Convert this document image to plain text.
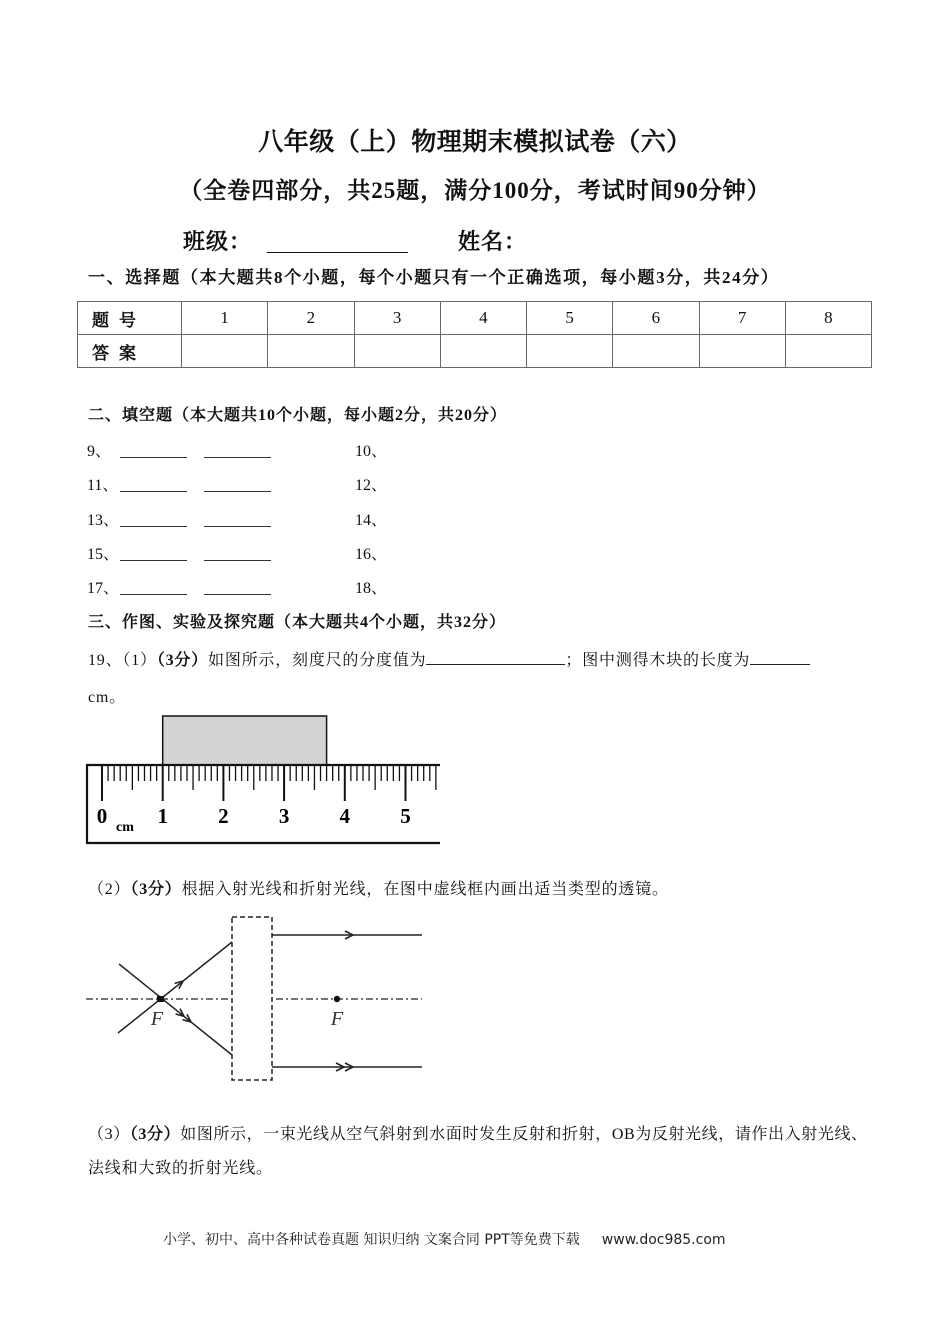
八年级（上）物理期末模拟试卷（六）
（全卷四部分，共25题，满分100分，考试时间90分钟）
班级：	姓名：
一、选择题（本大题共8个小题，每个小题只有一个正确选项，每小题3分，共24分）
题号	1	2	3	4	5	6	7	8
答案								
二、填空题（本大题共10个小题，每小题2分，共20分）
9、	10、
11、	12、
13、	14、
15、	16、
17、	18、
三、作图、实验及探究题（本大题共4个小题，共32分）
19、（1）（3分）如图所示，刻度尺的分度值为	；图中测得木块的长度为
cm。
0 1 2 3 4 5
cm
（2）（3分）根据入射光线和折射光线，在图中虚线框内画出适当类型的透镜。
F	F
（3）（3分）如图所示，一束光线从空气斜射到水面时发生反射和折射，OB为反射光线，请作出入射光线、
法线和大致的折射光线。
小学、初中、高中各种试卷真题 知识归纳 文案合同 PPT等免费下载 www.doc985.com
